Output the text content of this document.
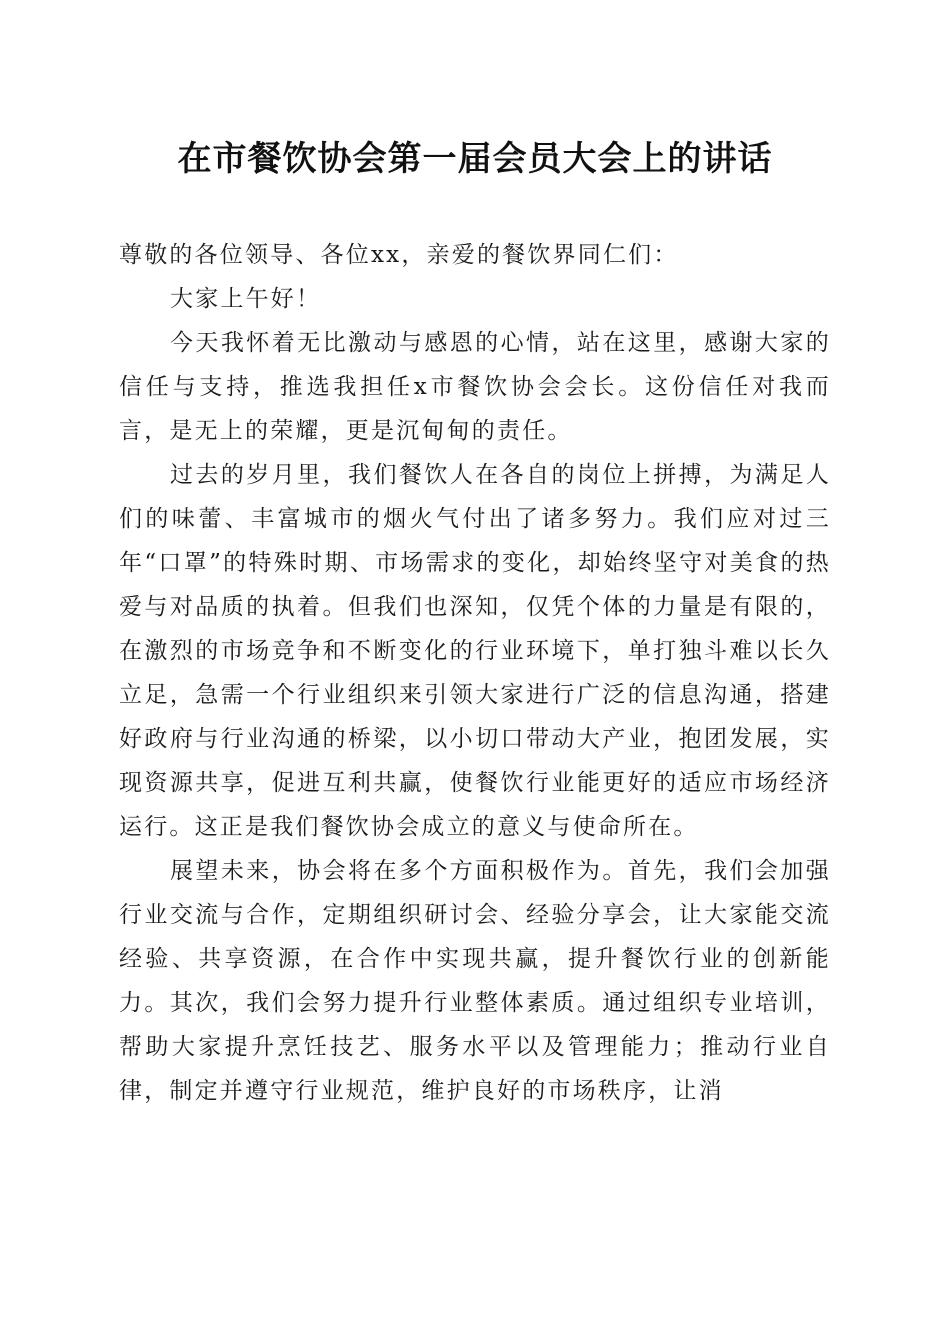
在市餐饮协会第一届会员大会上的讲话

尊敬的各位领导、各位xx，亲爱的餐饮界同仁们：

大家上午好！

今天我怀着无比激动与感恩的心情，站在这里，感谢大家的信任与支持，推选我担任x市餐饮协会会长。这份信任对我而言，是无上的荣耀，更是沉甸甸的责任。

过去的岁月里，我们餐饮人在各自的岗位上拼搏，为满足人们的味蕾、丰富城市的烟火气付出了诸多努力。我们应对过三年“口罩”的特殊时期、市场需求的变化，却始终坚守对美食的热爱与对品质的执着。但我们也深知，仅凭个体的力量是有限的，在激烈的市场竞争和不断变化的行业环境下，单打独斗难以长久立足，急需一个行业组织来引领大家进行广泛的信息沟通，搭建好政府与行业沟通的桥梁，以小切口带动大产业，抱团发展，实现资源共享，促进互利共赢，使餐饮行业能更好的适应市场经济运行。这正是我们餐饮协会成立的意义与使命所在。

展望未来，协会将在多个方面积极作为。首先，我们会加强行业交流与合作，定期组织研讨会、经验分享会，让大家能交流经验、共享资源，在合作中实现共赢，提升餐饮行业的创新能力。其次，我们会努力提升行业整体素质。通过组织专业培训，帮助大家提升烹饪技艺、服务水平以及管理能力；推动行业自律，制定并遵守行业规范，维护良好的市场秩序，让消
